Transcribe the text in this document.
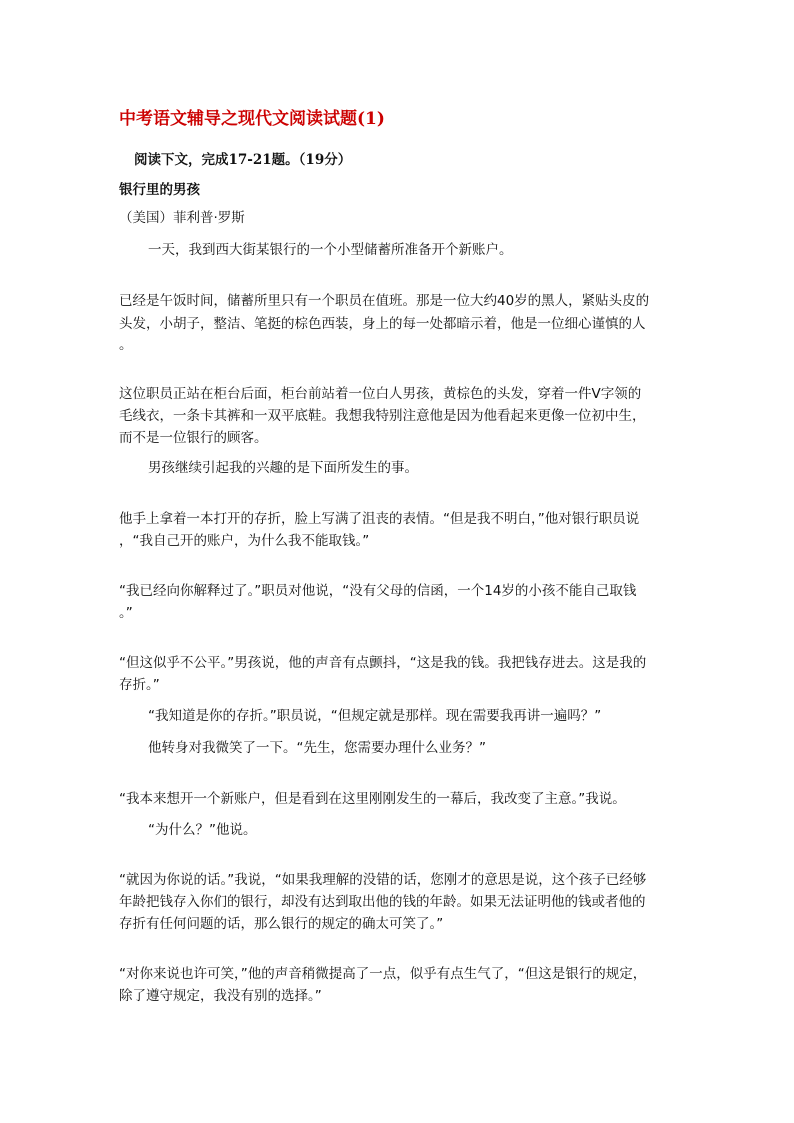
中考语文辅导之现代文阅读试题(1)
阅读下文，完成17-21题。（19分）
银行里的男孩
（美国）菲利普·罗斯
一天，我到西大街某银行的一个小型储蓄所准备开个新账户。
已经是午饭时间，储蓄所里只有一个职员在值班。那是一位大约40岁的黑人，紧贴头皮的
头发，小胡子，整洁、笔挺的棕色西装，身上的每一处都暗示着，他是一位细心谨慎的人
。
这位职员正站在柜台后面，柜台前站着一位白人男孩，黄棕色的头发，穿着一件V字领的
毛线衣，一条卡其裤和一双平底鞋。我想我特别注意他是因为他看起来更像一位初中生，
而不是一位银行的顾客。
男孩继续引起我的兴趣的是下面所发生的事。
他手上拿着一本打开的存折，脸上写满了沮丧的表情。“但是我不明白，”他对银行职员说
，“我自己开的账户，为什么我不能取钱。”
“我已经向你解释过了。”职员对他说，“没有父母的信函，一个14岁的小孩不能自己取钱
。”
“但这似乎不公平。”男孩说，他的声音有点颤抖，“这是我的钱。我把钱存进去。这是我的
存折。”
“我知道是你的存折。”职员说，“但规定就是那样。现在需要我再讲一遍吗？”
他转身对我微笑了一下。“先生，您需要办理什么业务？”
“我本来想开一个新账户，但是看到在这里刚刚发生的一幕后，我改变了主意。”我说。
“为什么？”他说。
“就因为你说的话。”我说，“如果我理解的没错的话，您刚才的意思是说，这个孩子已经够
年龄把钱存入你们的银行，却没有达到取出他的钱的年龄。如果无法证明他的钱或者他的
存折有任何问题的话，那么银行的规定的确太可笑了。”
“对你来说也许可笑，”他的声音稍微提高了一点，似乎有点生气了，“但这是银行的规定，
除了遵守规定，我没有别的选择。”
